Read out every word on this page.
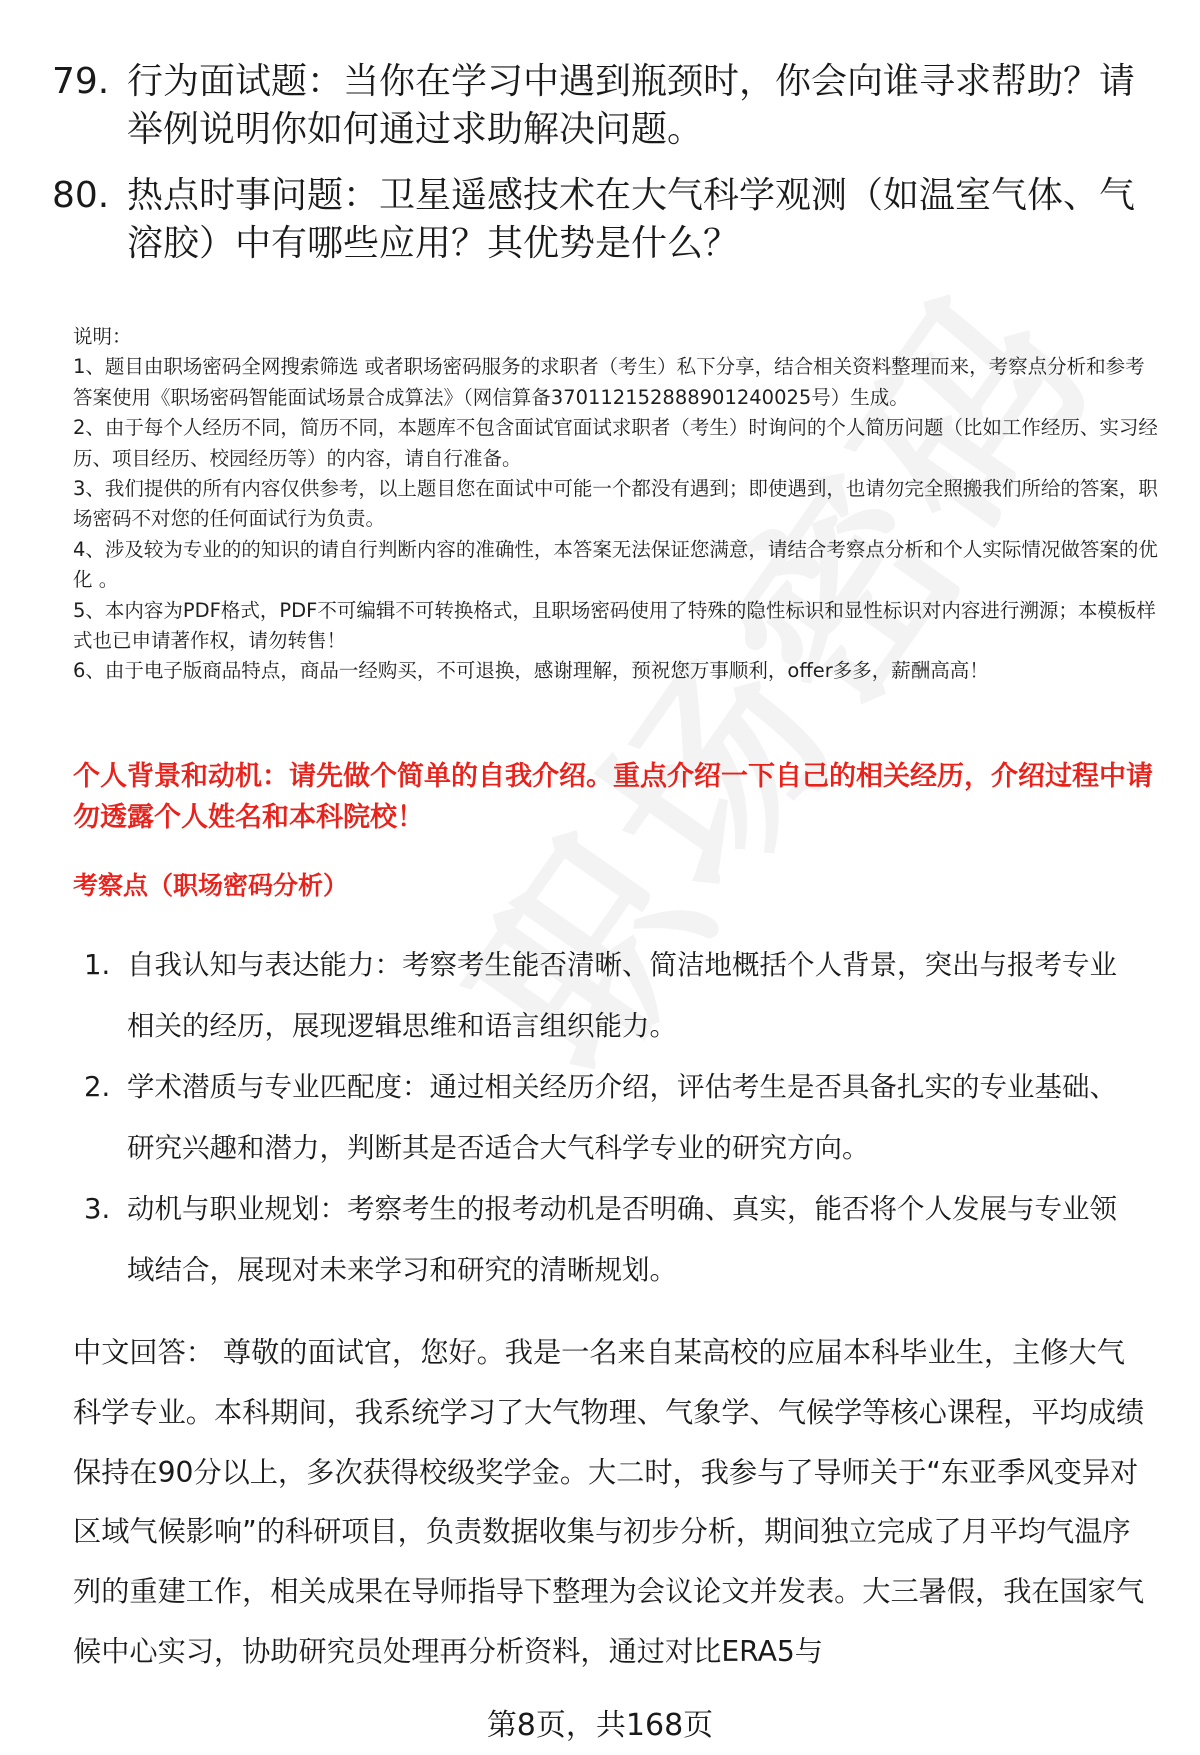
79. 行为面试题：当你在学习中遇到瓶颈时，你会向谁寻求帮助？请举例说明你如何通过求助解决问题。
80. 热点时事问题：卫星遥感技术在大气科学观测（如温室气体、气溶胶）中有哪些应用？其优势是什么？
说明：
1、题目由职场密码全网搜索筛选 或者职场密码服务的求职者（考生）私下分享，结合相关资料整理而来，考察点分析和参考答案使用《职场密码智能面试场景合成算法》（网信算备370112152888901240025号）生成。
2、由于每个人经历不同，简历不同，本题库不包含面试官面试求职者（考生）时询问的个人简历问题（比如工作经历、实习经历、项目经历、校园经历等）的内容，请自行准备。
3、我们提供的所有内容仅供参考，以上题目您在面试中可能一个都没有遇到；即使遇到，也请勿完全照搬我们所给的答案，职场密码不对您的任何面试行为负责。
4、涉及较为专业的的知识的请自行判断内容的准确性，本答案无法保证您满意，请结合考察点分析和个人实际情况做答案的优化 。
5、本内容为PDF格式，PDF不可编辑不可转换格式，且职场密码使用了特殊的隐性标识和显性标识对内容进行溯源；本模板样式也已申请著作权，请勿转售！
6、由于电子版商品特点，商品一经购买，不可退换，感谢理解，预祝您万事顺利，offer多多，薪酬高高！
个人背景和动机：请先做个简单的自我介绍。重点介绍一下自己的相关经历，介绍过程中请勿透露个人姓名和本科院校！
考察点（职场密码分析）
1. 自我认知与表达能力：考察考生能否清晰、简洁地概括个人背景，突出与报考专业相关的经历，展现逻辑思维和语言组织能力。
2. 学术潜质与专业匹配度：通过相关经历介绍，评估考生是否具备扎实的专业基础、研究兴趣和潜力，判断其是否适合大气科学专业的研究方向。
3. 动机与职业规划：考察考生的报考动机是否明确、真实，能否将个人发展与专业领域结合，展现对未来学习和研究的清晰规划。
中文回答： 尊敬的面试官，您好。我是一名来自某高校的应届本科毕业生，主修大气科学专业。本科期间，我系统学习了大气物理、气象学、气候学等核心课程，平均成绩保持在90分以上，多次获得校级奖学金。大二时，我参与了导师关于“东亚季风变异对区域气候影响”的科研项目，负责数据收集与初步分析，期间独立完成了月平均气温序列的重建工作，相关成果在导师指导下整理为会议论文并发表。大三暑假，我在国家气候中心实习，协助研究员处理再分析资料，通过对比ERA5与
第8页，共168页
